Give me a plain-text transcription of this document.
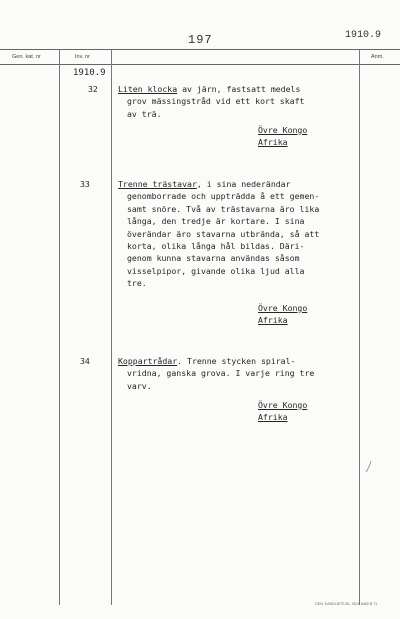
197	1910.9
Gen. kat. nr	Inv. nr	Anm.
1910.9
32 Liten klocka av järn, fastsatt medels
grov mässingstråd vid ett kort skaft
av trä.
Övre Kongo
Afrika
33	Trenne trästavar, i sina nederändar
genomborrade och uppträdda å ett gemen-
samt snöre. Två av trästavarna äro lika
långa, den tredje är kortare. I sina
överändar äro stavarna utbrända, så att
korta, olika långa hål bildas. Däri-
genom kunna stavarna användas såsom
visselpipor, givande olika ljud alla
tre.
Övre Kongo
Afrika
34	Koppartrådar. Trenne stycken spiral-
vridna, ganska grova. I varje ring tre
varv.
Övre Kongo
Afrika
GEN. KANSLIETS BL. 0015 8462 B 71
